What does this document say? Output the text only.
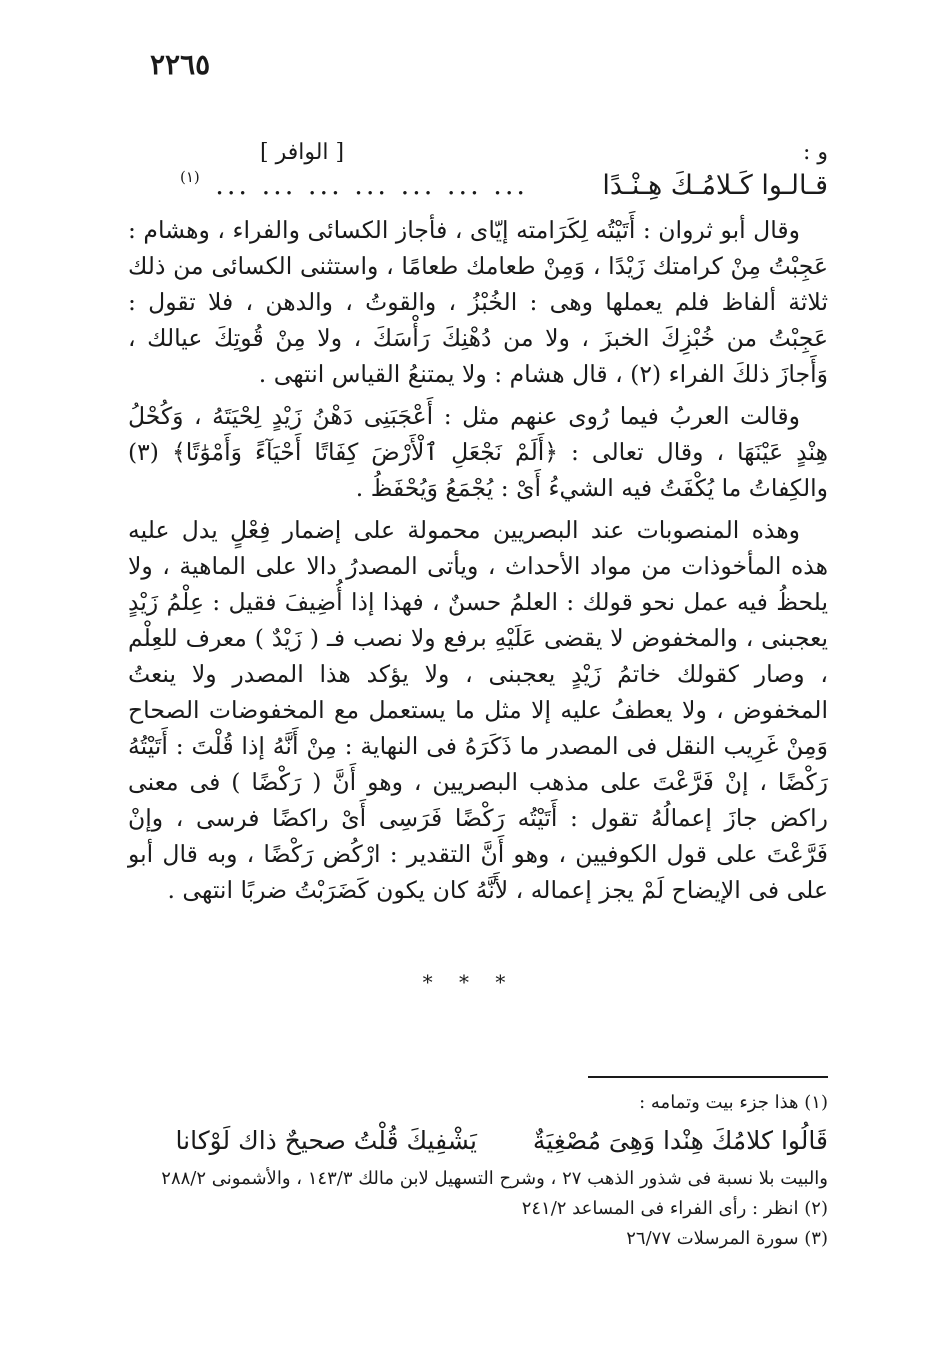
٢٢٦٥
و :
[ الوافر ]
قـالـوا كَـلامُـكَ هِـنْـدًا
... ... ... ... ... ... ...
(١)

وقال أبو ثروان : أَتَيْتُه لِكَرَامته إيّاى ، فأجاز الكسائى والفراء ، وهشام : عَجِبْتُ مِنْ كرامتك زَيْدًا ، وَمِنْ طعامك طعامًا ، واستثنى الكسائى من ذلك ثلاثة ألفاظ فلم يعملها وهى : الخُبْزُ ، والقوتُ ، والدهن ، فلا تقول : عَجِبْتُ من خُبْزِكَ الخبزَ ، ولا من دُهْنِكَ رَأْسَكَ ، ولا مِنْ قُوتِكَ عيالك ، وَأَجازَ ذلكَ الفراء (٢) ، قال هشام : ولا يمتنعُ القياس انتهى .

وقالت العربُ فيما رُوى عنهم مثل : أَعْجَبَنِى دَهْنُ زَيْدٍ لِحْيَتَهُ ، وَكُحْلُ هِنْدٍ عَيْنَهَا ، وقال تعالى : ﴿أَلَمْ نَجْعَلِ ٱلْأَرْضَ كِفَاتًا أَحْيَآءً وَأَمْوَٰتًا﴾ (٣) والكِفاتُ ما يُكْفَتُ فيه الشيءُ أَىْ : يُجْمَعُ وَيُحْفَظُ .

وهذه المنصوبات عند البصريين محمولة على إضمار فِعْلٍ يدل عليه هذه المأخوذات من مواد الأحداث ، ويأتى المصدرُ دالا على الماهية ، ولا يلحظُ فيه عمل نحو قولك : العلمُ حسنٌ ، فهذا إذا أُضِيفَ فقيل : عِلْمُ زَيْدٍ يعجبنى ، والمخفوض لا يقضى عَلَيْهِ برفع ولا نصب فـ ( زَيْدٌ ) معرف للعِلْم ، وصار كقولك خاتمُ زَيْدٍ يعجبنى ، ولا يؤكد هذا المصدر ولا ينعتُ المخفوض ، ولا يعطفُ عليه إلا مثل ما يستعمل مع المخفوضات الصحاح وَمِنْ غَرِيب النقل فى المصدر ما ذَكَرَهُ فى النهاية : مِنْ أَنَّهُ إذا قُلْتَ : أَتَيْتُهُ رَكْضًا ، إنْ فَرَّعْتَ على مذهب البصريين ، وهو أَنَّ ( رَكْضًا ) فى معنى راكض جازَ إعمالُهُ تقول : أَتَيْتُه رَكْضًا فَرَسِى أَىْ راكضًا فرسى ، وإنْ فَرَّعْتَ على قول الكوفيين ، وهو أَنَّ التقدير : ارْكُض رَكْضًا ، وبه قال أبو على فى الإيضاح لَمْ يجز إعماله ، لأَنَّهُ كان يكون كَضَرَبْتُ ضربًا انتهى .

* * *
(١) هذا جزء بيت وتمامه :
قَالُوا كلامُكَ هِنْدا وَهِىَ مُصْغِيَةٌ  يَشْفِيكَ قُلْتُ صحيحٌ ذاك لَوْكانا
والبيت بلا نسبة فى شذور الذهب ٢٧ ، وشرح التسهيل لابن مالك ١٤٣/٣ ، والأشمونى ٢٨٨/٢
(٢) انظر : رأى الفراء فى المساعد ٢٤١/٢
(٣) سورة المرسلات ٢٦/٧٧
